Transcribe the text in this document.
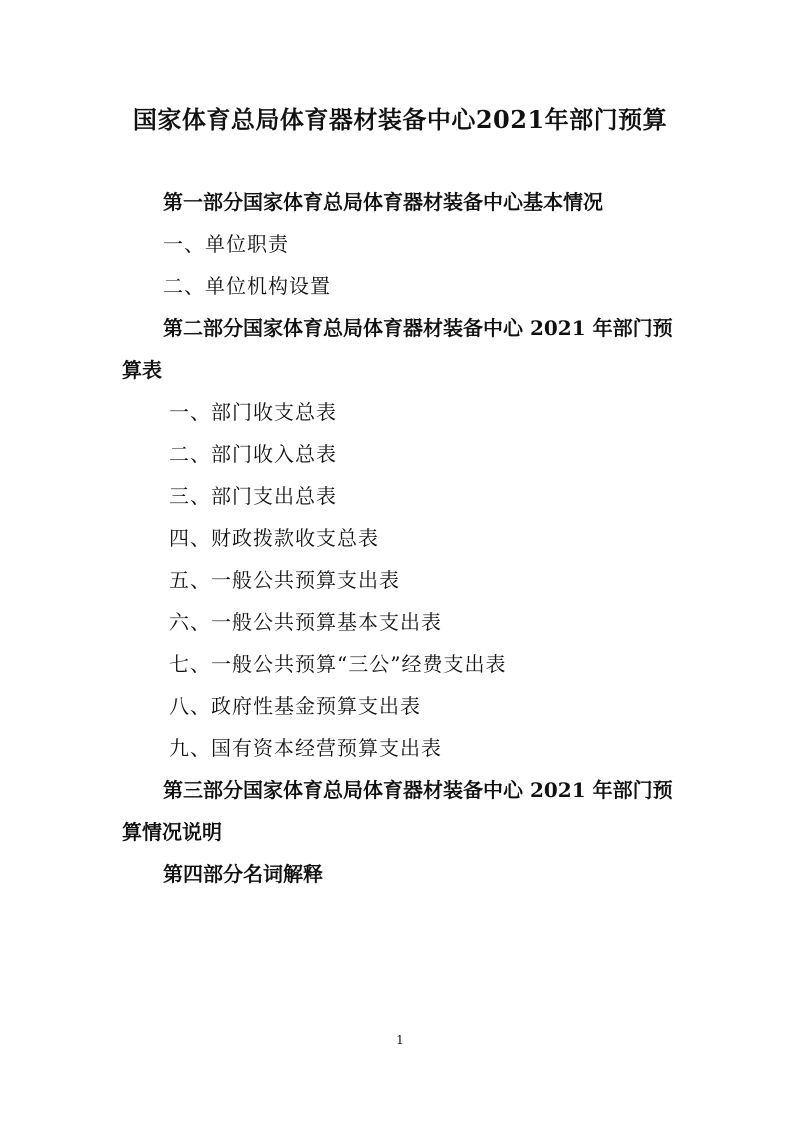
国家体育总局体育器材装备中心2021年部门预算
第一部分国家体育总局体育器材装备中心基本情况
一、单位职责
二、单位机构设置
第二部分国家体育总局体育器材装备中心 2021 年部门预
算表
一、部门收支总表
二、部门收入总表
三、部门支出总表
四、财政拨款收支总表
五、一般公共预算支出表
六、一般公共预算基本支出表
七、一般公共预算“三公”经费支出表
八、政府性基金预算支出表
九、国有资本经营预算支出表
第三部分国家体育总局体育器材装备中心 2021 年部门预
算情况说明
第四部分名词解释
1
